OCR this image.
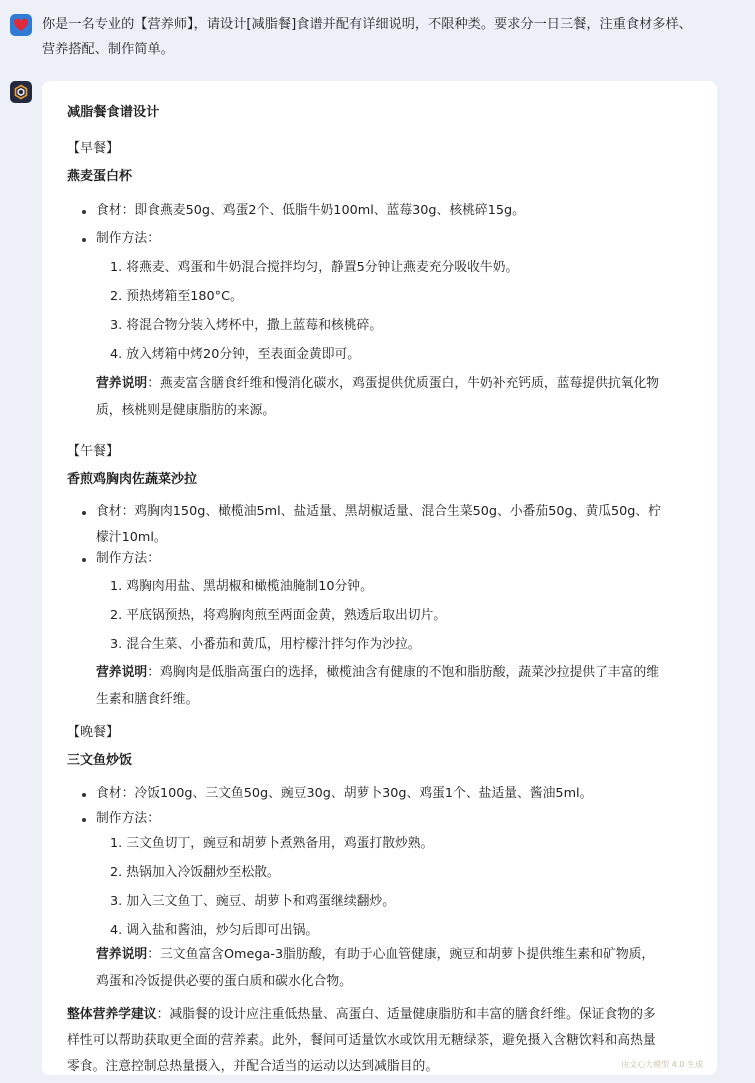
你是一名专业的【营养师】，请设计[减脂餐]食谱并配有详细说明，不限种类。要求分一日三餐，注重食材多样、
营养搭配、制作简单。
减脂餐食谱设计
【早餐】
燕麦蛋白杯
食材：即食燕麦50g、鸡蛋2个、低脂牛奶100ml、蓝莓30g、核桃碎15g。
制作方法：
1. 将燕麦、鸡蛋和牛奶混合搅拌均匀，静置5分钟让燕麦充分吸收牛奶。
2. 预热烤箱至180°C。
3. 将混合物分装入烤杯中，撒上蓝莓和核桃碎。
4. 放入烤箱中烤20分钟，至表面金黄即可。
营养说明：燕麦富含膳食纤维和慢消化碳水，鸡蛋提供优质蛋白，牛奶补充钙质，蓝莓提供抗氧化物
质，核桃则是健康脂肪的来源。
【午餐】
香煎鸡胸肉佐蔬菜沙拉
食材：鸡胸肉150g、橄榄油5ml、盐适量、黑胡椒适量、混合生菜50g、小番茄50g、黄瓜50g、柠
檬汁10ml。
制作方法：
1. 鸡胸肉用盐、黑胡椒和橄榄油腌制10分钟。
2. 平底锅预热，将鸡胸肉煎至两面金黄，熟透后取出切片。
3. 混合生菜、小番茄和黄瓜，用柠檬汁拌匀作为沙拉。
营养说明：鸡胸肉是低脂高蛋白的选择，橄榄油含有健康的不饱和脂肪酸，蔬菜沙拉提供了丰富的维
生素和膳食纤维。
【晚餐】
三文鱼炒饭
食材：冷饭100g、三文鱼50g、豌豆30g、胡萝卜30g、鸡蛋1个、盐适量、酱油5ml。
制作方法：
1. 三文鱼切丁，豌豆和胡萝卜煮熟备用，鸡蛋打散炒熟。
2. 热锅加入冷饭翻炒至松散。
3. 加入三文鱼丁、豌豆、胡萝卜和鸡蛋继续翻炒。
4. 调入盐和酱油，炒匀后即可出锅。
营养说明：三文鱼富含Omega-3脂肪酸，有助于心血管健康，豌豆和胡萝卜提供维生素和矿物质，
鸡蛋和冷饭提供必要的蛋白质和碳水化合物。
整体营养学建议：减脂餐的设计应注重低热量、高蛋白、适量健康脂肪和丰富的膳食纤维。保证食物的多
样性可以帮助获取更全面的营养素。此外，餐间可适量饮水或饮用无糖绿茶，避免摄入含糖饮料和高热量
零食。注意控制总热量摄入，并配合适当的运动以达到减脂目的。	由文心大模型 4.0 生成
